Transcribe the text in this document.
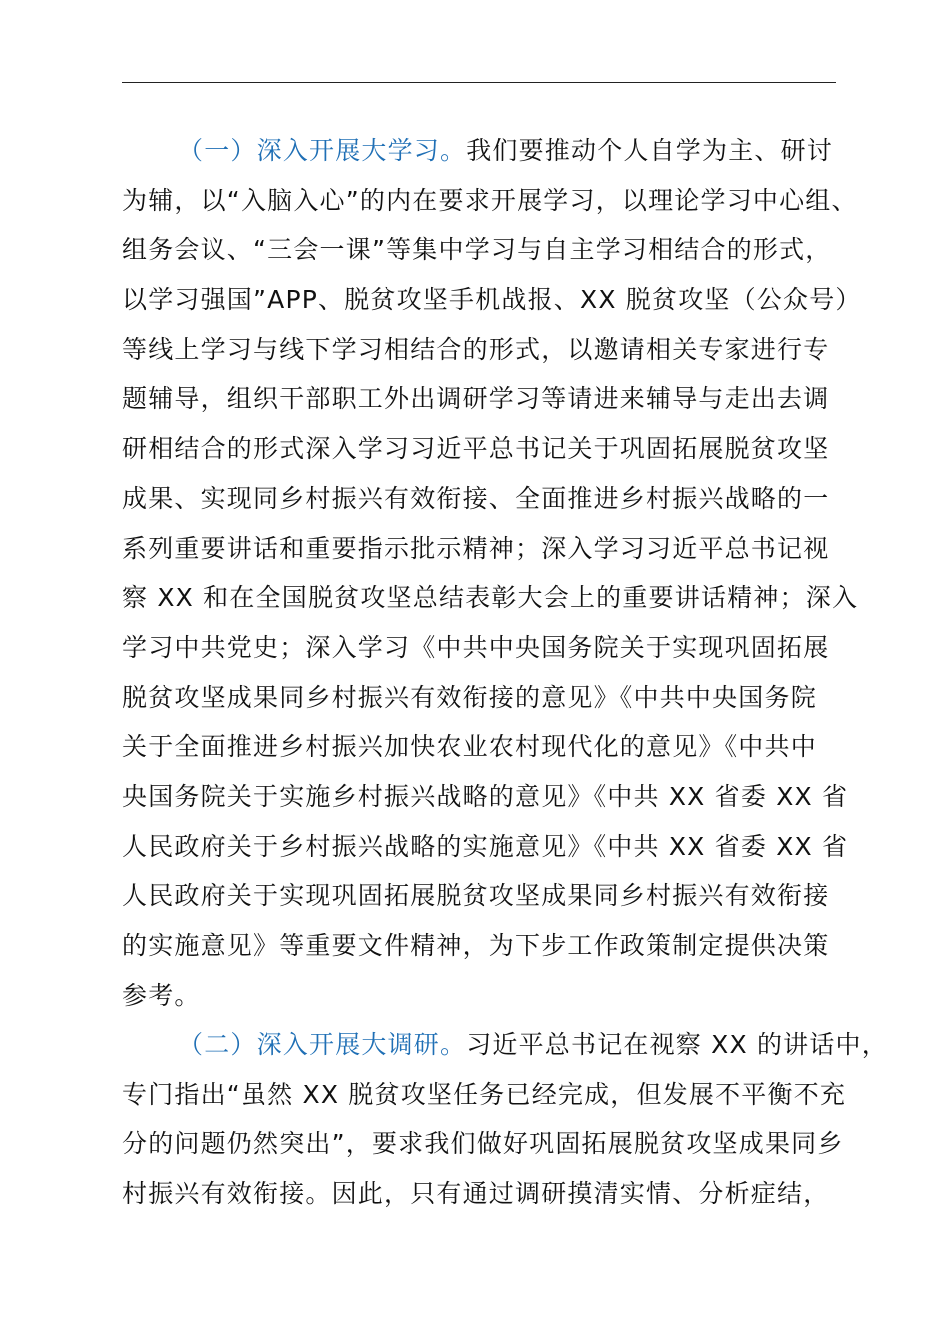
（一）深入开展大学习。我们要推动个人自学为主、研讨
为辅，以“入脑入心”的内在要求开展学习，以理论学习中心组、
组务会议、“三会一课”等集中学习与自主学习相结合的形式，
以学习强国”APP、脱贫攻坚手机战报、XX 脱贫攻坚（公众号）
等线上学习与线下学习相结合的形式，以邀请相关专家进行专
题辅导，组织干部职工外出调研学习等请进来辅导与走出去调
研相结合的形式深入学习习近平总书记关于巩固拓展脱贫攻坚
成果、实现同乡村振兴有效衔接、全面推进乡村振兴战略的一
系列重要讲话和重要指示批示精神；深入学习习近平总书记视
察 XX 和在全国脱贫攻坚总结表彰大会上的重要讲话精神；深入
学习中共党史；深入学习《中共中央国务院关于实现巩固拓展
脱贫攻坚成果同乡村振兴有效衔接的意见》《中共中央国务院
关于全面推进乡村振兴加快农业农村现代化的意见》《中共中
央国务院关于实施乡村振兴战略的意见》《中共 XX 省委 XX 省
人民政府关于乡村振兴战略的实施意见》《中共 XX 省委 XX 省
人民政府关于实现巩固拓展脱贫攻坚成果同乡村振兴有效衔接
的实施意见》等重要文件精神，为下步工作政策制定提供决策
参考。
（二）深入开展大调研。习近平总书记在视察 XX 的讲话中，
专门指出“虽然 XX 脱贫攻坚任务已经完成，但发展不平衡不充
分的问题仍然突出”，要求我们做好巩固拓展脱贫攻坚成果同乡
村振兴有效衔接。因此，只有通过调研摸清实情、分析症结，
